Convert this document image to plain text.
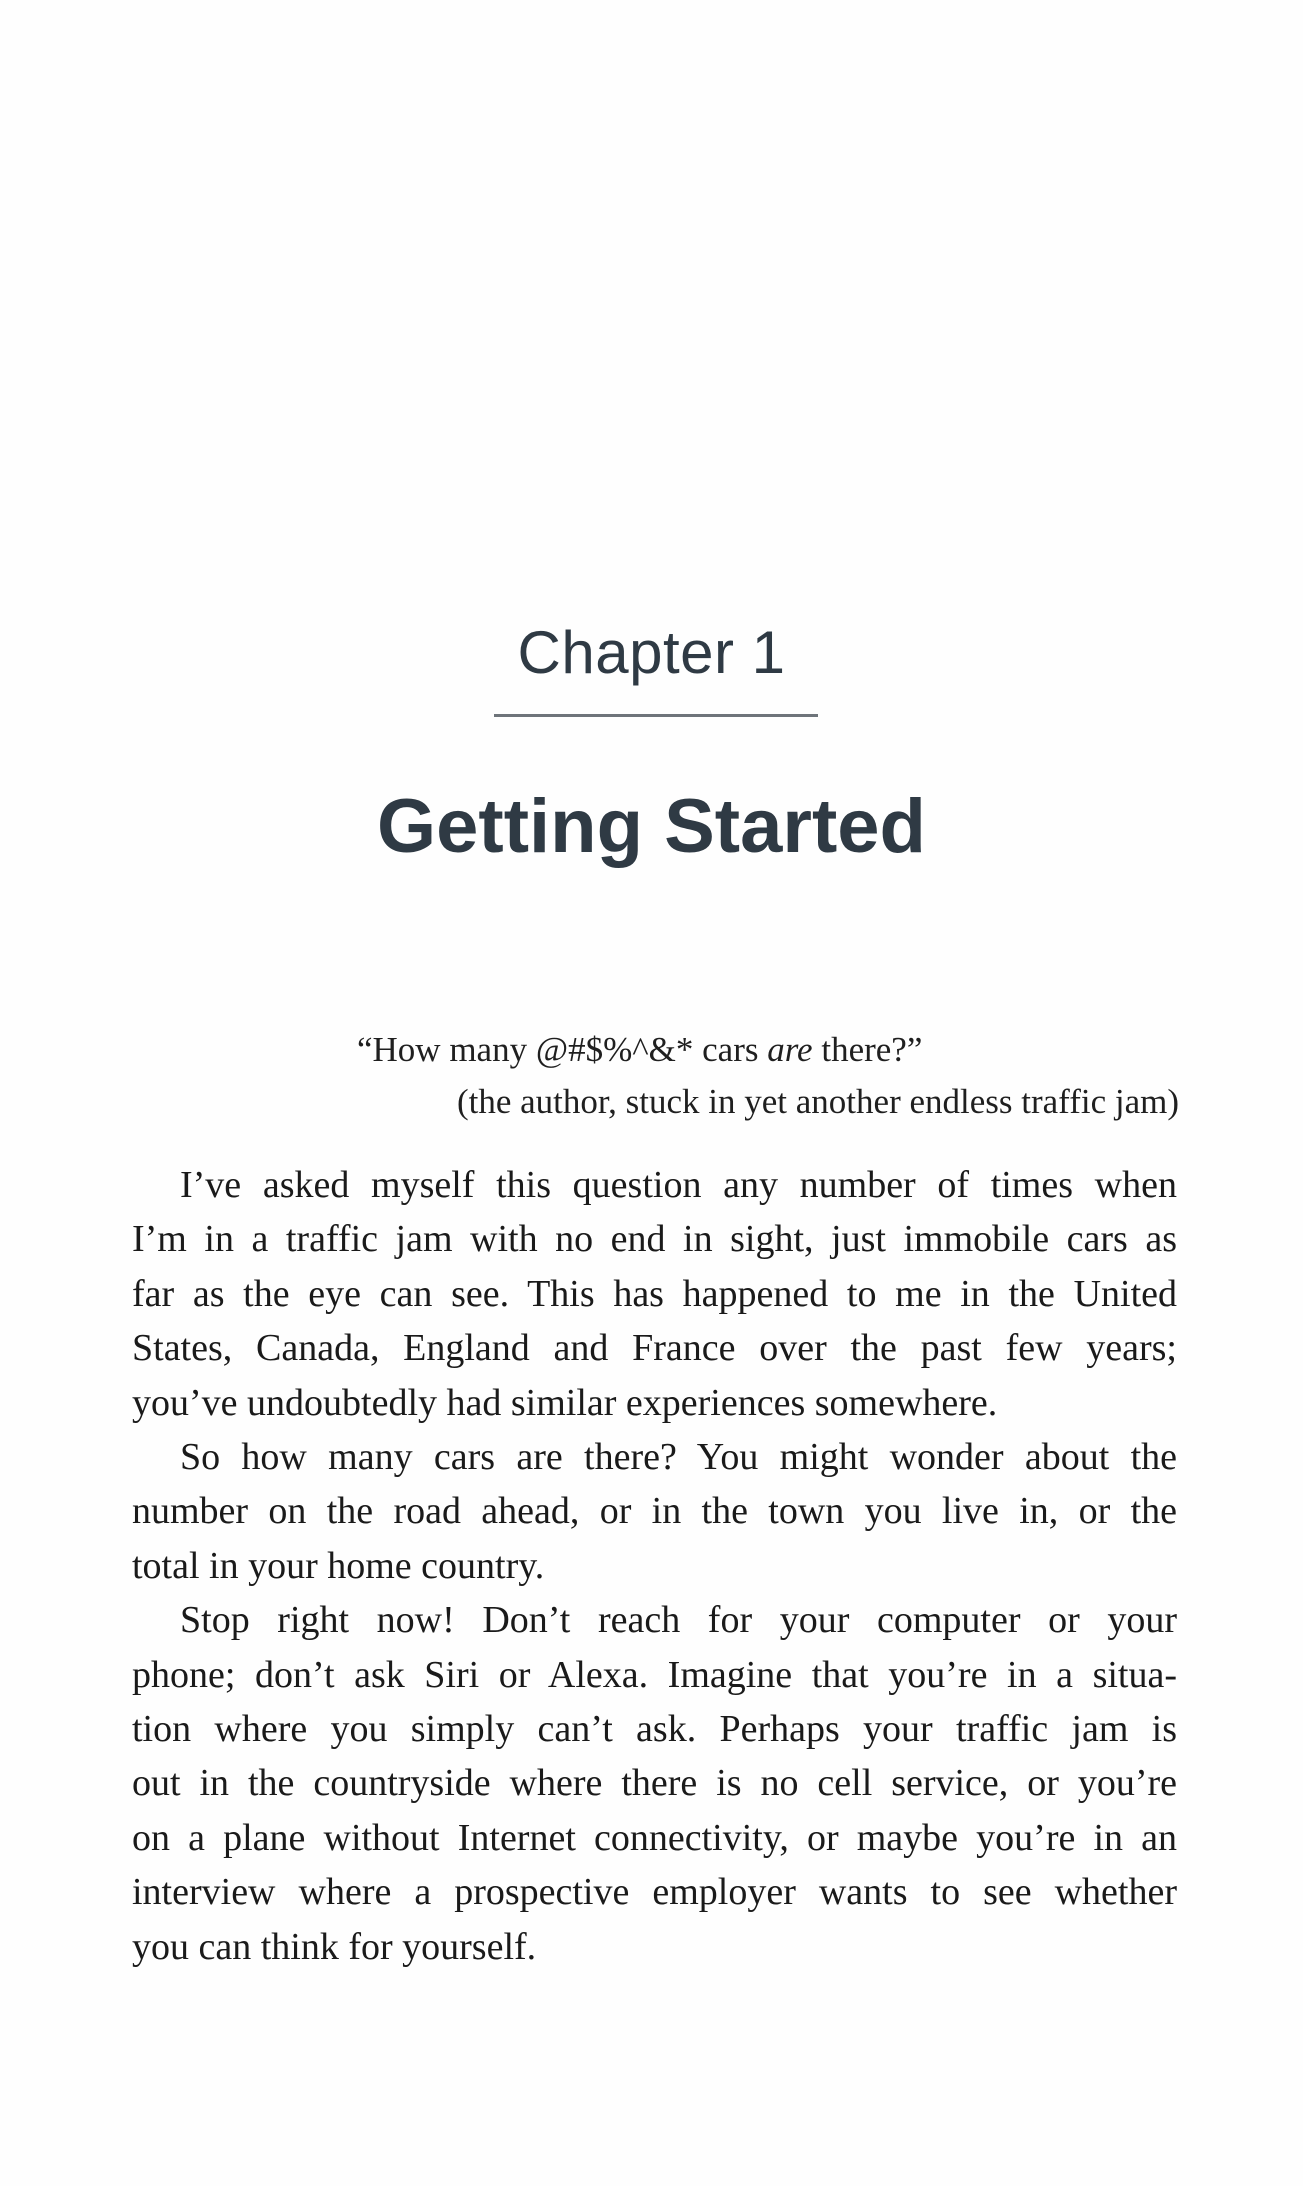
Chapter 1
Getting Started
“How many @#$%^&* cars are there?”
(the author, stuck in yet another endless traffic jam)
I’ve asked myself this question any number of times when
I’m in a traffic jam with no end in sight, just immobile cars as
far as the eye can see. This has happened to me in the United
States, Canada, England and France over the past few years;
you’ve undoubtedly had similar experiences somewhere.
So how many cars are there? You might wonder about the
number on the road ahead, or in the town you live in, or the
total in your home country.
Stop right now! Don’t reach for your computer or your
phone; don’t ask Siri or Alexa. Imagine that you’re in a situa-
tion where you simply can’t ask. Perhaps your traffic jam is
out in the countryside where there is no cell service, or you’re
on a plane without Internet connectivity, or maybe you’re in an
interview where a prospective employer wants to see whether
you can think for yourself.
